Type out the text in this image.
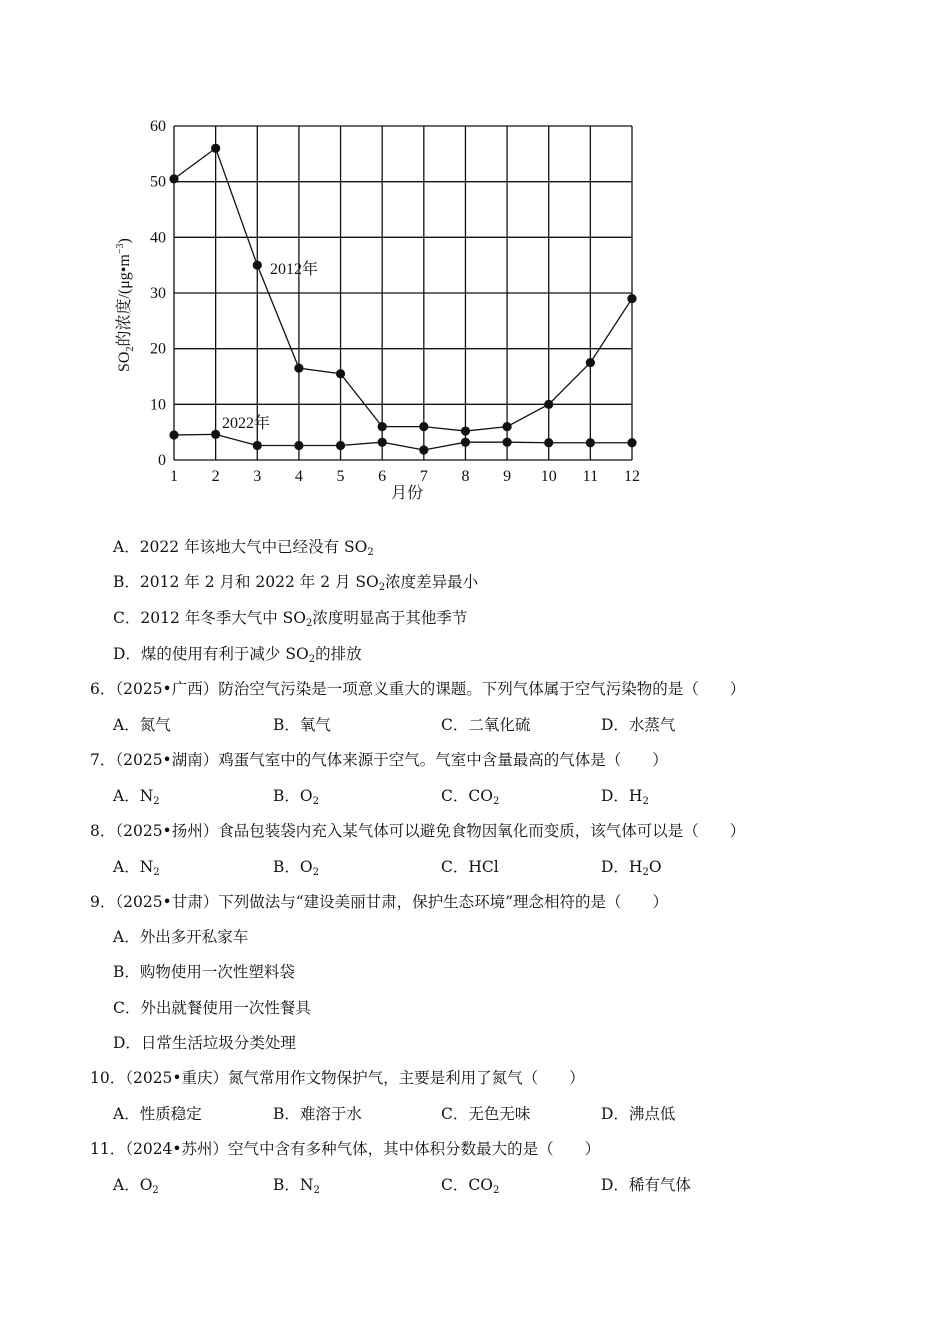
1 2 3 4 5 6 7 8 9 10 11 12
0
10
20
30
40
50
60
$SO_2$的浓度$/(\mu g•m^{-3})$
月份
2012年
2022年
A．2022 年该地大气中已经没有 $SO_2$
B．2012 年 2 月和 2022 年 2 月 $SO_2$浓度差异最小
C．2012 年冬季大气中 $SO_2$浓度明显高于其他季节
D．煤的使用有利于减少 $SO_2$的排放
6．（2025•广西）防治空气污染是一项意义重大的课题。下列气体属于空气污染物的是（　　）
A．氮气	B．氧气	C．二氧化硫	D．水蒸气
7．（2025•湖南）鸡蛋气室中的气体来源于空气。气室中含量最高的气体是（　　）
A．$N_2$	B．$O_2$	C．$CO_2$	D．$H_2$
8．（2025•扬州）食品包装袋内充入某气体可以避免食物因氧化而变质，该气体可以是（　　）
A．$N_2$	B．$O_2$	C．HCl	D．$H_2O$
9．（2025•甘肃）下列做法与“建设美丽甘肃，保护生态环境”理念相符的是（　　）
A．外出多开私家车
B．购物使用一次性塑料袋
C．外出就餐使用一次性餐具
D．日常生活垃圾分类处理
10．（2025•重庆）氮气常用作文物保护气，主要是利用了氮气（　　）
A．性质稳定	B．难溶于水	C．无色无味	D．沸点低
11．（2024•苏州）空气中含有多种气体，其中体积分数最大的是（　　）
A．$O_2$	B．$N_2$	C．$CO_2$	D．稀有气体
